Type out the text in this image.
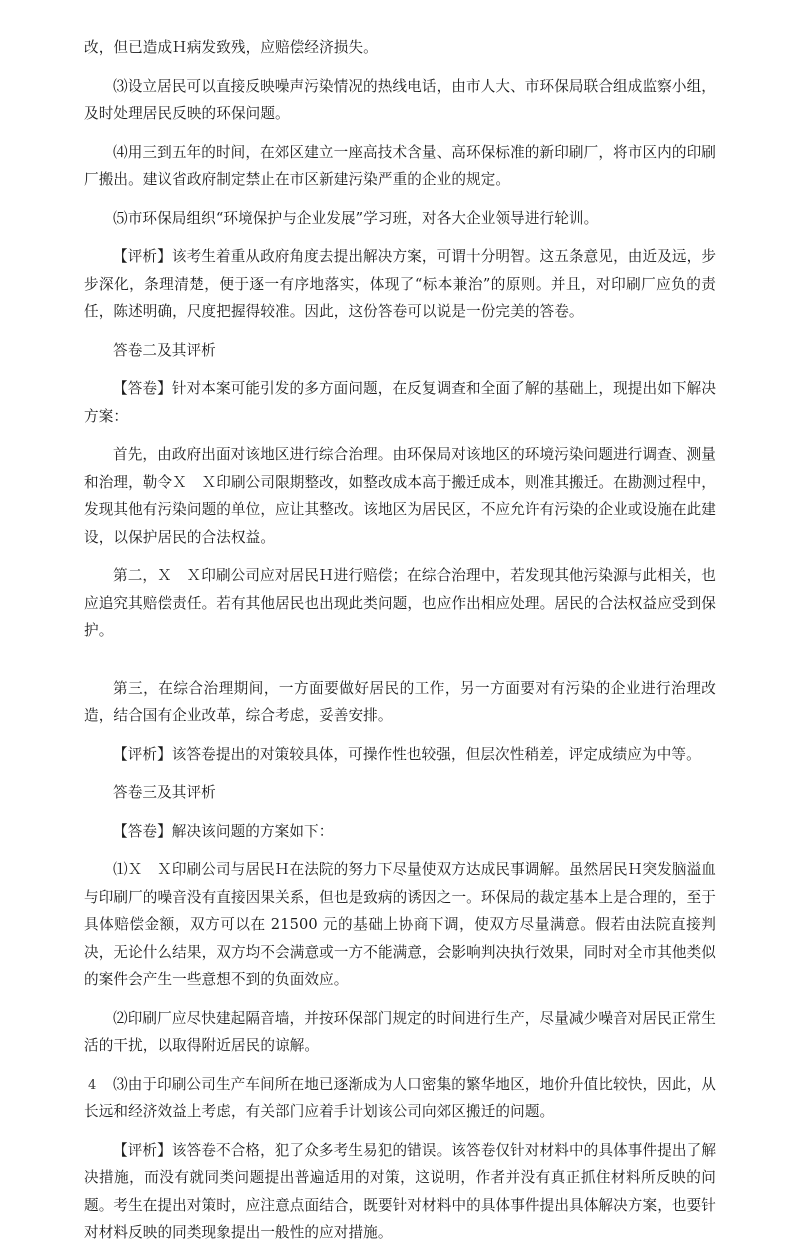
改，但已造成Ｈ病发致残，应赔偿经济损失。

⑶设立居民可以直接反映噪声污染情况的热线电话，由市人大、市环保局联合组成监察小组，及时处理居民反映的环保问题。

⑷用三到五年的时间，在郊区建立一座高技术含量、高环保标准的新印刷厂，将市区内的印刷厂搬出。建议省政府制定禁止在市区新建污染严重的企业的规定。

⑸市环保局组织“环境保护与企业发展”学习班，对各大企业领导进行轮训。

【 评析 】 该考生着重从政府角度去提出解决方案，可谓十分明智。这五条意见，由近及远，步步深化，条理清楚，便于逐一有序地落实，体现了“标本兼治”的原则。并且，对印刷厂应负的责任，陈述明确，尺度把握得较准。因此，这份答卷可以说是一份完美的答卷。

答卷二及其评析

【 答卷 】 针对本案可能引发的多方面问题，在反复调查和全面了解的基础上，现提出如下解决方案：

首先，由政府出面对该地区进行综合治理。由环保局对该地区的环境污染问题进行调查、测量和治理，勒令Ｘ　Ｘ印刷公司限期整改，如整改成本高于搬迁成本，则准其搬迁。在勘测过程中，发现其他有污染问题的单位，应让其整改。该地区为居民区，不应允许有污染的企业或设施在此建设，以保护居民的合法权益。

第二，Ｘ　Ｘ印刷公司应对居民Ｈ进行赔偿；在综合治理中，若发现其他污染源与此相关，也应追究其赔偿责任。若有其他居民也出现此类问题，也应作出相应处理。居民的合法权益应受到保护。

第三，在综合治理期间，一方面要做好居民的工作，另一方面要对有污染的企业进行治理改造，结合国有企业改革，综合考虑，妥善安排。

【 评析 】 该答卷提出的对策较具体，可操作性也较强，但层次性稍差，评定成绩应为中等。

答卷三及其评析

【 答卷 】 解决该问题的方案如下：

⑴Ｘ　Ｘ印刷公司与居民Ｈ在法院的努力下尽量使双方达成民事调解。虽然居民Ｈ突发脑溢血与印刷厂的噪音没有直接因果关系，但也是致病的诱因之一。环保局的裁定基本上是合理的，至于具体赔偿金额，双方可以在 21500 元的基础上协商下调，使双方尽量满意。假若由法院直接判决，无论什么结果，双方均不会满意或一方不能满意，会影响判决执行效果，同时对全市其他类似的案件会产生一些意想不到的负面效应。

⑵印刷厂应尽快建起隔音墙，并按环保部门规定的时间进行生产，尽量减少噪音对居民正常生活的干扰，以取得附近居民的谅解。

⑶由于印刷公司生产车间所在地已逐渐成为人口密集的繁华地区，地价升值比较快，因此，从长远和经济效益上考虑，有关部门应着手计划该公司向郊区搬迁的问题。

【 评析 】 该答卷不合格，犯了众多考生易犯的错误。该答卷仅针对材料中的具体事件提出了解决措施，而没有就同类问题提出普遍适用的对策，这说明，作者并没有真正抓住材料所反映的问题。考生在提出对策时，应注意点面结合，既要针对材料中的具体事件提出具体解决方案，也要针对材料反映的同类现象提出一般性的应对措施。

4
